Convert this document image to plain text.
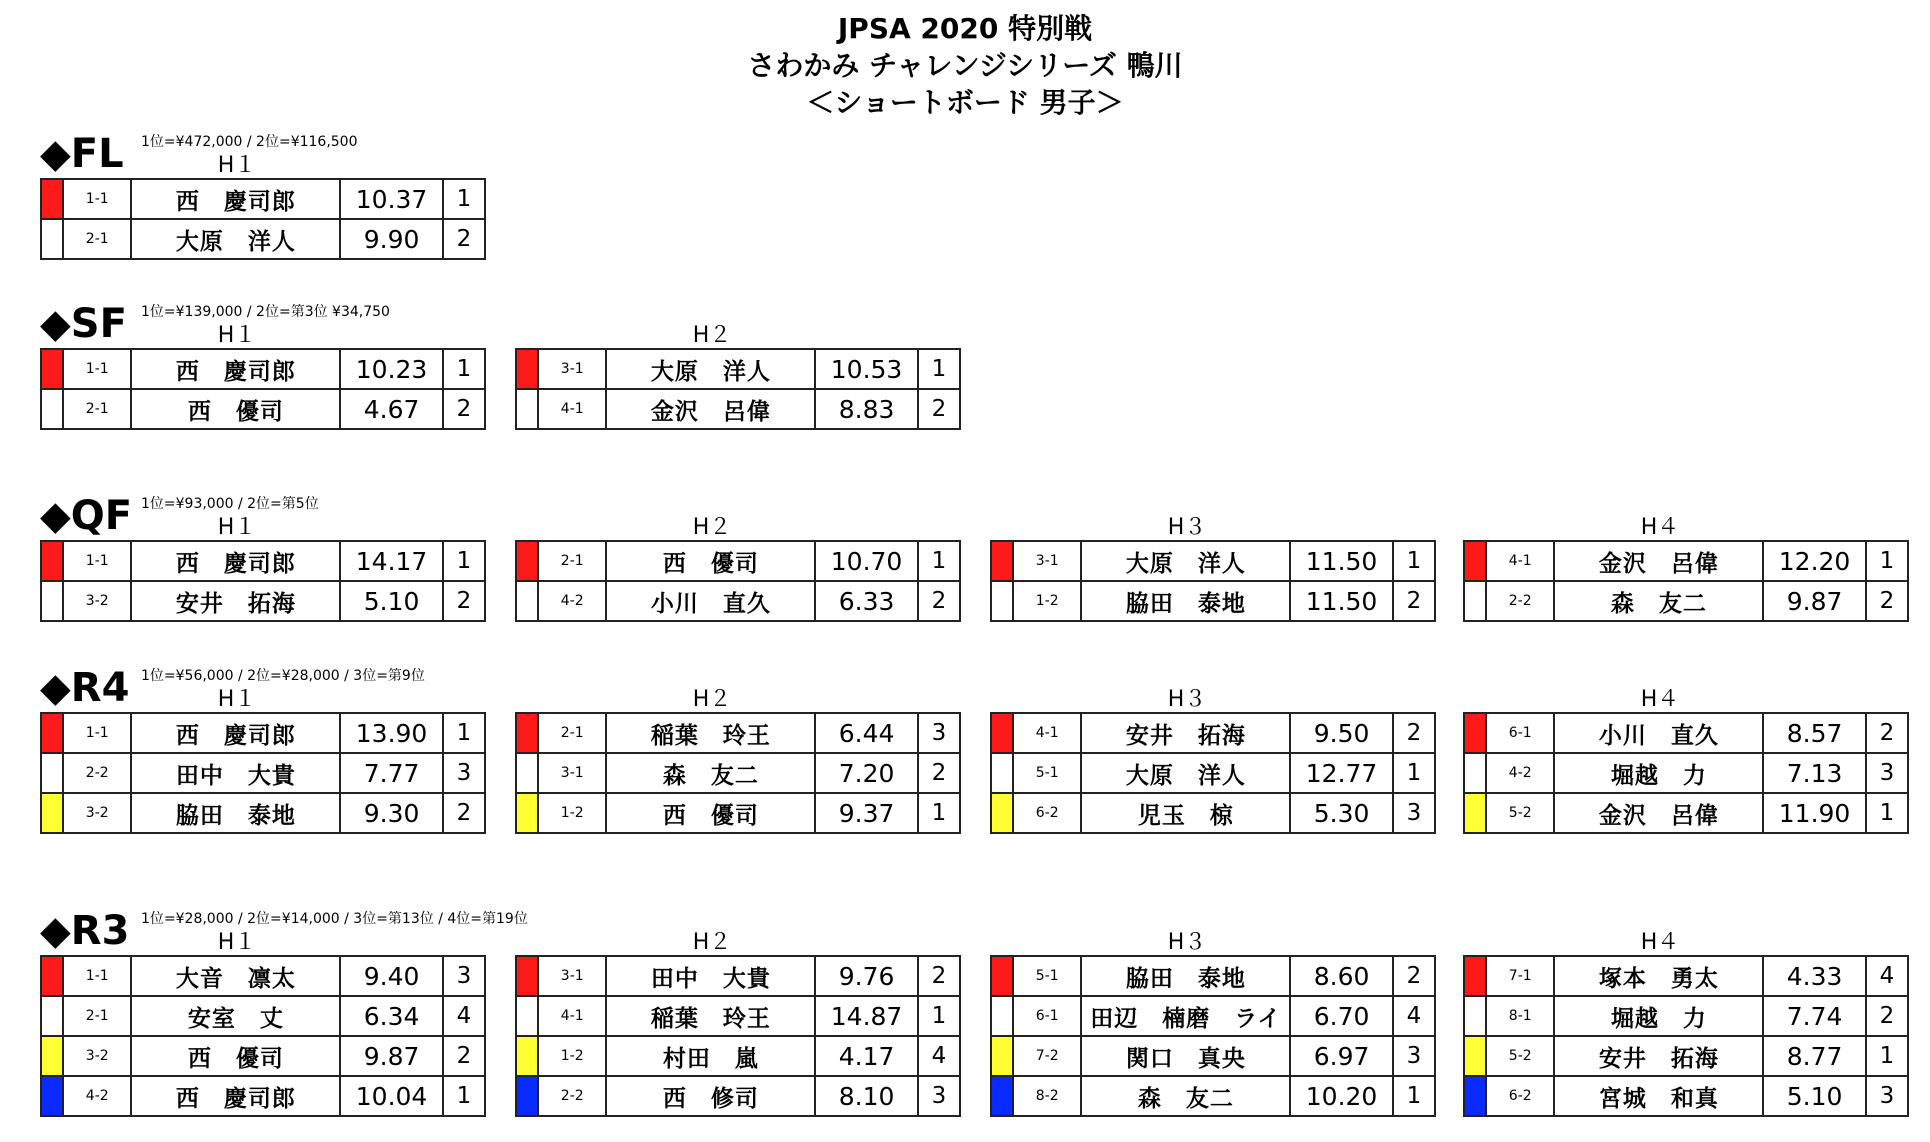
JPSA 2020 特別戦
さわかみ チャレンジシリーズ 鴨川
＜ショートボード 男子＞
◆FL 1位=¥472,000 / 2位=¥116,500
H１
	1-1	西　慶司郎	10.37	1
	2-1	大原　洋人	9.90	2
◆SF 1位=¥139,000 / 2位=第3位 ¥34,750
H１
	1-1	西　慶司郎	10.23	1
	2-1	西　優司	4.67	2
H２
	3-1	大原　洋人	10.53	1
	4-1	金沢　呂偉	8.83	2
◆QF 1位=¥93,000 / 2位=第5位
H１
	1-1	西　慶司郎	14.17	1
	3-2	安井　拓海	5.10	2
H２
	2-1	西　優司	10.70	1
	4-2	小川　直久	6.33	2
H３
	3-1	大原　洋人	11.50	1
	1-2	脇田　泰地	11.50	2
H４
	4-1	金沢　呂偉	12.20	1
	2-2	森　友二	9.87	2
◆R4 1位=¥56,000 / 2位=¥28,000 / 3位=第9位
H１
	1-1	西　慶司郎	13.90	1
	2-2	田中　大貴	7.77	3
	3-2	脇田　泰地	9.30	2
H２
	2-1	稲葉　玲王	6.44	3
	3-1	森　友二	7.20	2
	1-2	西　優司	9.37	1
H３
	4-1	安井　拓海	9.50	2
	5-1	大原　洋人	12.77	1
	6-2	児玉　椋	5.30	3
H４
	6-1	小川　直久	8.57	2
	4-2	堀越　力	7.13	3
	5-2	金沢　呂偉	11.90	1
◆R3 1位=¥28,000 / 2位=¥14,000 / 3位=第13位 / 4位=第19位
H１
	1-1	大音　凛太	9.40	3
	2-1	安室　丈	6.34	4
	3-2	西　優司	9.87	2
	4-2	西　慶司郎	10.04	1
H２
	3-1	田中　大貴	9.76	2
	4-1	稲葉　玲王	14.87	1
	1-2	村田　嵐	4.17	4
	2-2	西　修司	8.10	3
H３
	5-1	脇田　泰地	8.60	2
	6-1	田辺　楠磨　ライ	6.70	4
	7-2	関口　真央	6.97	3
	8-2	森　友二	10.20	1
H４
	7-1	塚本　勇太	4.33	4
	8-1	堀越　力	7.74	2
	5-2	安井　拓海	8.77	1
	6-2	宮城　和真	5.10	3
